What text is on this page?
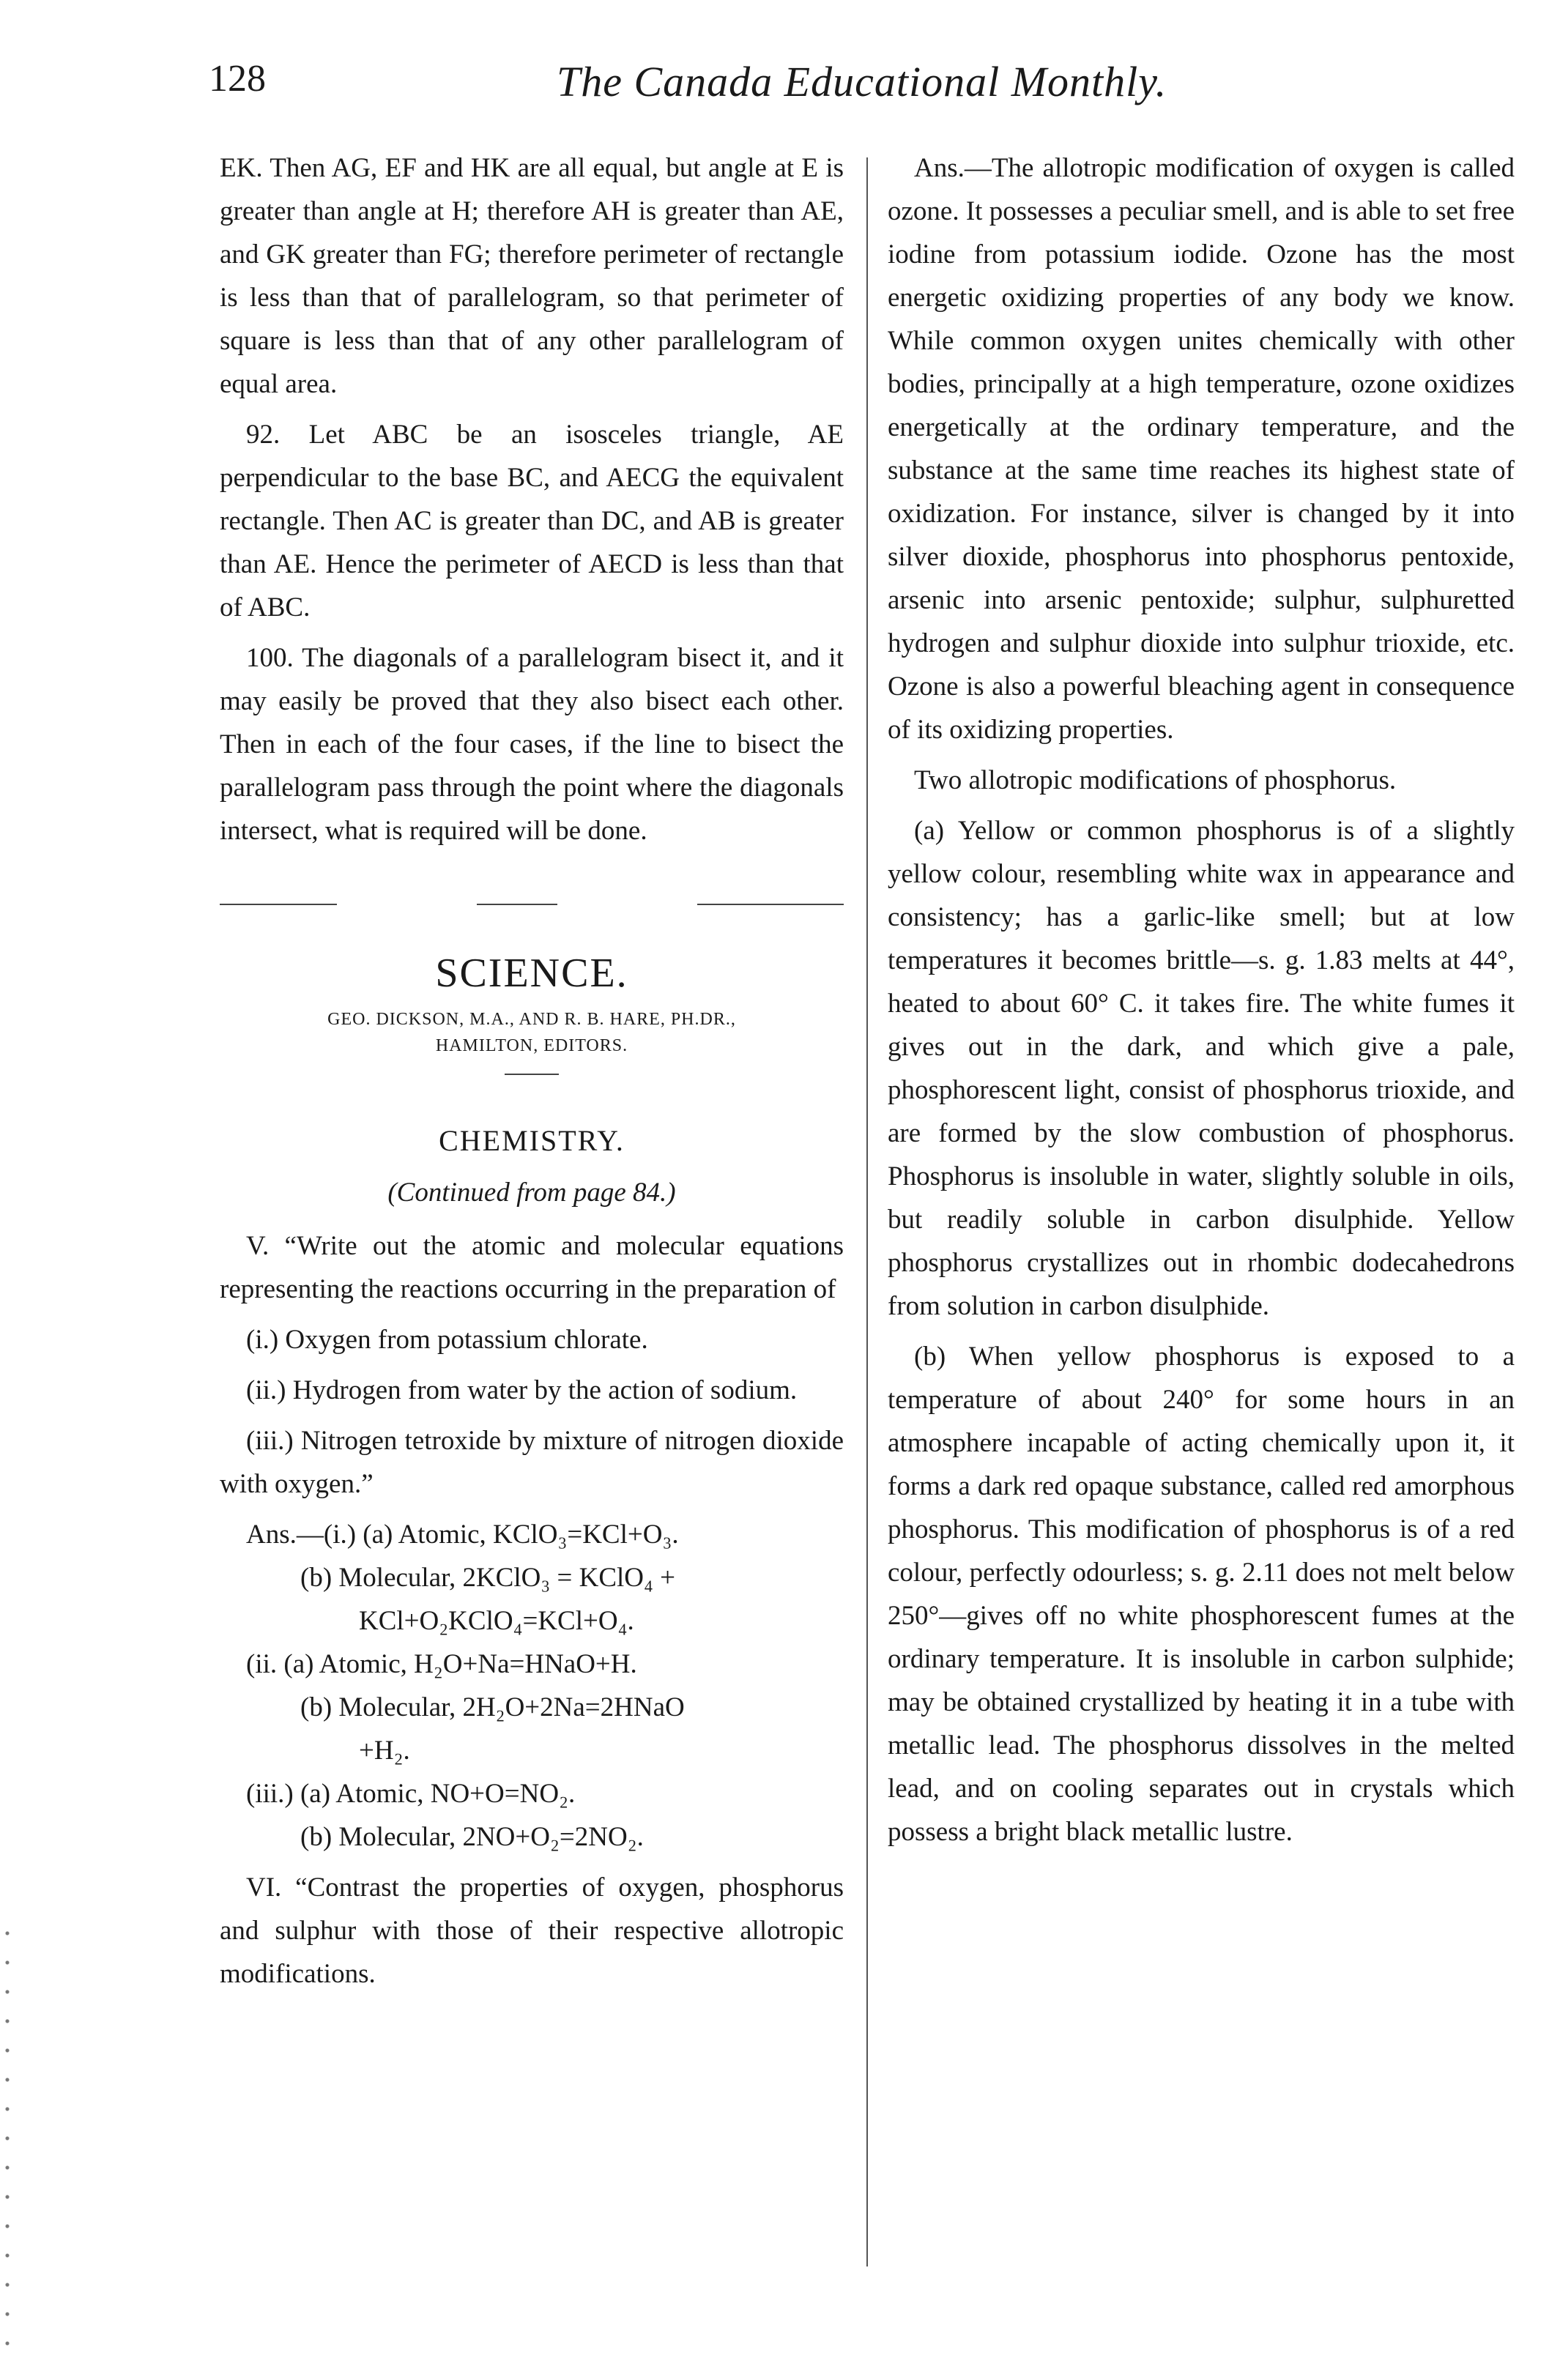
128	The Canada Educational Monthly.

EK. Then AG, EF and HK are all equal, but angle at E is greater than angle at H; therefore AH is greater than AE, and GK greater than FG; therefore perimeter of rectangle is less than that of parallelogram, so that perimeter of square is less than that of any other parallelogram of equal area.

92. Let ABC be an isosceles triangle, AE perpendicular to the base BC, and AECG the equivalent rectangle. Then AC is greater than DC, and AB is greater than AE. Hence the perimeter of AECD is less than that of ABC.

100. The diagonals of a parallelogram bisect it, and it may easily be proved that they also bisect each other. Then in each of the four cases, if the line to bisect the parallelogram pass through the point where the diagonals intersect, what is required will be done.

SCIENCE.
GEO. DICKSON, M.A., AND R. B. HARE, PH.DR.,
HAMILTON, EDITORS.
CHEMISTRY.
(Continued from page 84.)

V. “Write out the atomic and molecular equations representing the reactions occurring in the preparation of

(i.) Oxygen from potassium chlorate.

(ii.) Hydrogen from water by the action of sodium.

(iii.) Nitrogen tetroxide by mixture of nitrogen dioxide with oxygen.”

Ans.—(i.) (a) Atomic, KClO₃=KCl+O₃.
(b) Molecular, 2KClO₃ = KClO₄ +
KCl+O₂KClO₄=KCl+O₄.
(ii. (a) Atomic, H₂O+Na=HNaO+H.
(b) Molecular, 2H₂O+2Na=2HNaO
+H₂.
(iii.) (a) Atomic, NO+O=NO₂.
(b) Molecular, 2NO+O₂=2NO₂.

VI. “Contrast the properties of oxygen, phosphorus and sulphur with those of their respective allotropic modifications.

Ans.—The allotropic modification of oxygen is called ozone. It possesses a peculiar smell, and is able to set free iodine from potassium iodide. Ozone has the most energetic oxidizing properties of any body we know. While common oxygen unites chemically with other bodies, principally at a high temperature, ozone oxidizes energetically at the ordinary temperature, and the substance at the same time reaches its highest state of oxidization. For instance, silver is changed by it into silver dioxide, phosphorus into phosphorus pentoxide, arsenic into arsenic pentoxide; sulphur, sulphuretted hydrogen and sulphur dioxide into sulphur trioxide, etc. Ozone is also a powerful bleaching agent in consequence of its oxidizing properties.

Two allotropic modifications of phosphorus.

(a) Yellow or common phosphorus is of a slightly yellow colour, resembling white wax in appearance and consistency; has a garlic-like smell; but at low temperatures it becomes brittle—s. g. 1.83 melts at 44°, heated to about 60° C. it takes fire. The white fumes it gives out in the dark, and which give a pale, phosphorescent light, consist of phosphorus trioxide, and are formed by the slow combustion of phosphorus. Phosphorus is insoluble in water, slightly soluble in oils, but readily soluble in carbon disulphide. Yellow phosphorus crystallizes out in rhombic dodecahedrons from solution in carbon disulphide.

(b) When yellow phosphorus is exposed to a temperature of about 240° for some hours in an atmosphere incapable of acting chemically upon it, it forms a dark red opaque substance, called red amorphous phosphorus. This modification of phosphorus is of a red colour, perfectly odourless; s. g. 2.11 does not melt below 250°—gives off no white phosphorescent fumes at the ordinary temperature. It is insoluble in carbon sulphide; may be obtained crystallized by heating it in a tube with metallic lead. The phosphorus dissolves in the melted lead, and on cooling separates out in crystals which possess a bright black metallic lustre.
